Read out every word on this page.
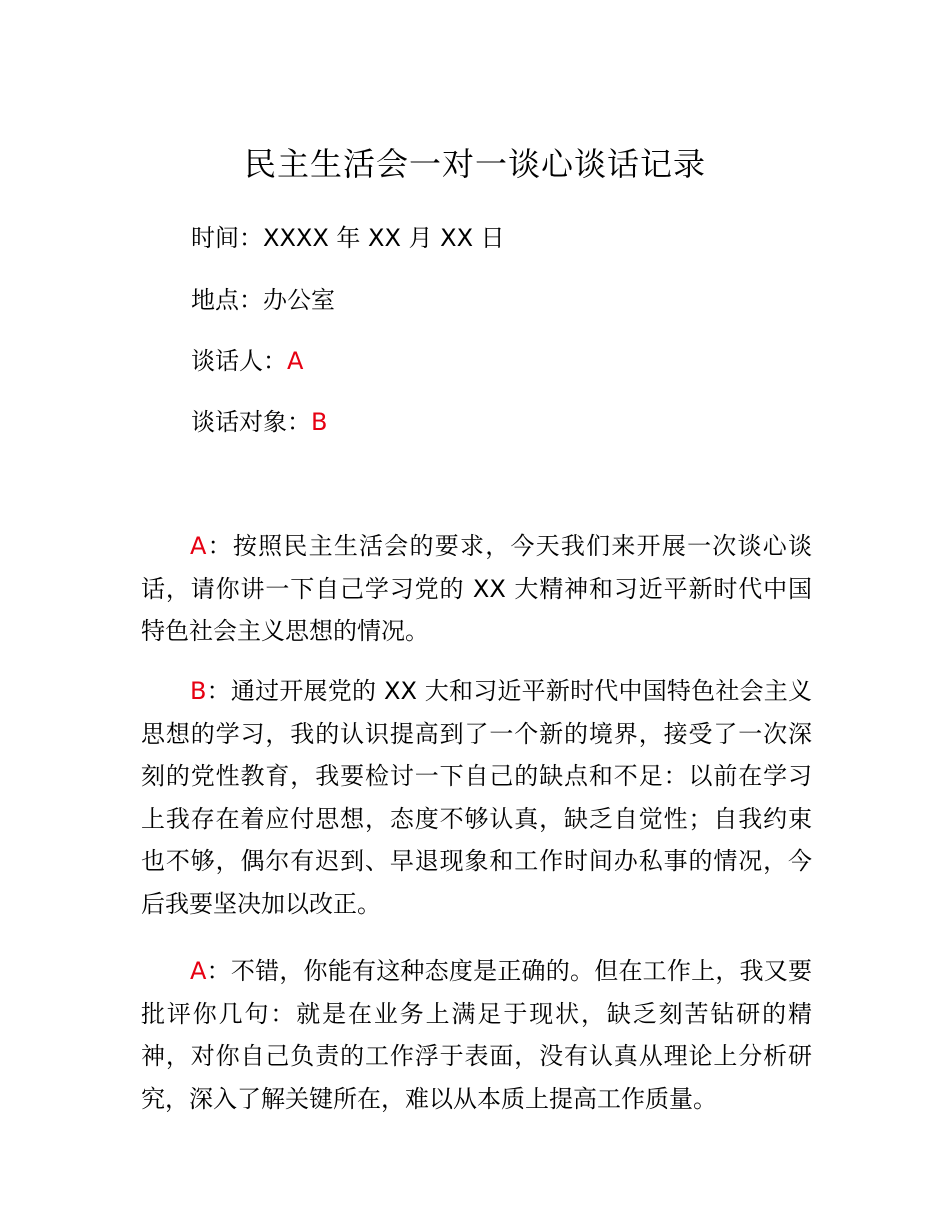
民主生活会一对一谈心谈话记录

时间：XXXX 年 XX 月 XX 日

地点：办公室

谈话人：A

谈话对象：B

A：按照民主生活会的要求，今天我们来开展一次谈心谈话，请你讲一下自己学习党的 XX 大精神和习近平新时代中国特色社会主义思想的情况。

B：通过开展党的 XX 大和习近平新时代中国特色社会主义思想的学习，我的认识提高到了一个新的境界，接受了一次深刻的党性教育，我要检讨一下自己的缺点和不足：以前在学习上我存在着应付思想，态度不够认真，缺乏自觉性；自我约束也不够，偶尔有迟到、早退现象和工作时间办私事的情况，今后我要坚决加以改正。

A：不错，你能有这种态度是正确的。但在工作上，我又要批评你几句：就是在业务上满足于现状，缺乏刻苦钻研的精神，对你自己负责的工作浮于表面，没有认真从理论上分析研究，深入了解关键所在，难以从本质上提高工作质量。
